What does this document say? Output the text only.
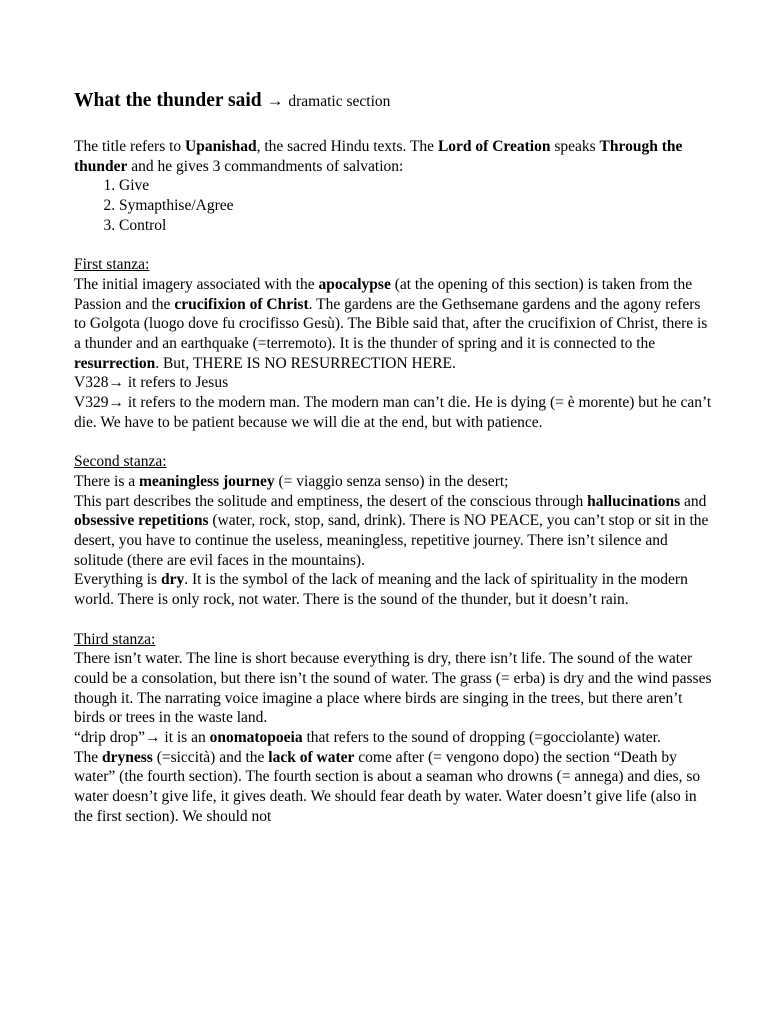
What the thunder said → dramatic section

The title refers to Upanishad, the sacred Hindu texts. The Lord of Creation speaks Through the thunder and he gives 3 commandments of salvation:

1. Give
2. Symapthise/Agree
3. Control

First stanza:

The initial imagery associated with the apocalypse (at the opening of this section) is taken from the Passion and the crucifixion of Christ. The gardens are the Gethsemane gardens and the agony refers to Golgota (luogo dove fu crocifisso Gesù). The Bible said that, after the crucifixion of Christ, there is a thunder and an earthquake (=terremoto). It is the thunder of spring and it is connected to the resurrection. But, THERE IS NO RESURRECTION HERE.

V328→ it refers to Jesus

V329→ it refers to the modern man. The modern man can’t die. He is dying (= è morente) but he can’t die. We have to be patient because we will die at the end, but with patience.

Second stanza:

There is a meaningless journey (= viaggio senza senso) in the desert;

This part describes the solitude and emptiness, the desert of the conscious through hallucinations and obsessive repetitions (water, rock, stop, sand, drink). There is NO PEACE, you can’t stop or sit in the desert, you have to continue the useless, meaningless, repetitive journey. There isn’t silence and solitude (there are evil faces in the mountains).

Everything is dry. It is the symbol of the lack of meaning and the lack of spirituality in the modern world. There is only rock, not water. There is the sound of the thunder, but it doesn’t rain.

Third stanza:

There isn’t water. The line is short because everything is dry, there isn’t life. The sound of the water could be a consolation, but there isn’t the sound of water. The grass (= erba) is dry and the wind passes though it. The narrating voice imagine a place where birds are singing in the trees, but there aren’t birds or trees in the waste land.

“drip drop”→ it is an onomatopoeia that refers to the sound of dropping (=gocciolante) water.

The dryness (=siccità) and the lack of water come after (= vengono dopo) the section “Death by water” (the fourth section). The fourth section is about a seaman who drowns (= annega) and dies, so water doesn’t give life, it gives death. We should fear death by water. Water doesn’t give life (also in the first section). We should not
